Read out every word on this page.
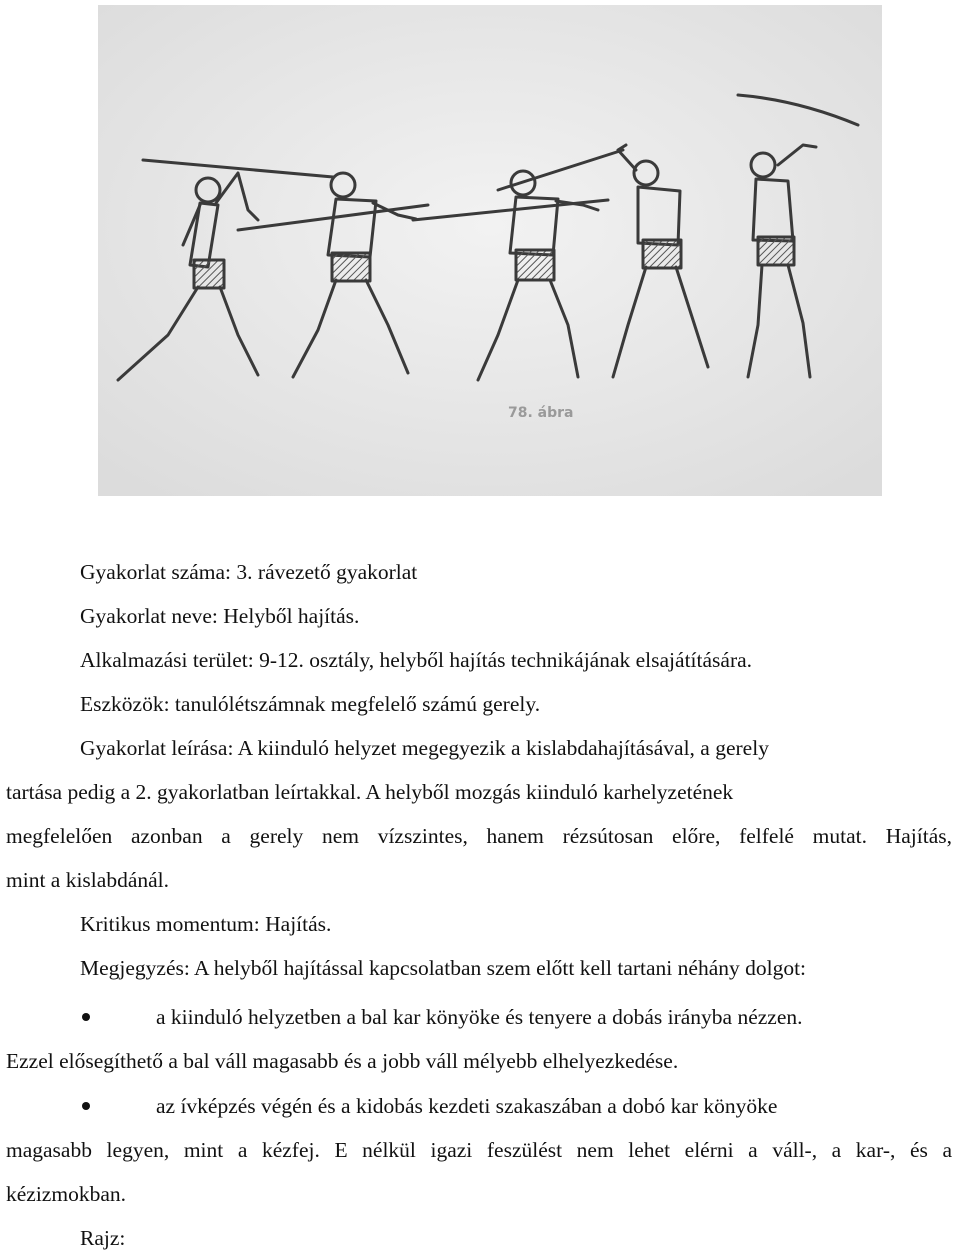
78. ábra

Gyakorlat száma: 3. rávezető gyakorlat

Gyakorlat neve: Helyből hajítás.

Alkalmazási terület: 9-12. osztály, helyből hajítás technikájának elsajátítására.

Eszközök: tanulólétszámnak megfelelő számú gerely.

Gyakorlat leírása: A kiinduló helyzet megegyezik a kislabdahajításával, a gerely

tartása pedig a 2. gyakorlatban leírtakkal. A helyből mozgás kiinduló karhelyzetének

megfelelően azonban a gerely nem vízszintes, hanem rézsútosan előre, felfelé mutat. Hajítás,

mint a kislabdánál.

Kritikus momentum: Hajítás.

Megjegyzés: A helyből hajítással kapcsolatban szem előtt kell tartani néhány dolgot:

a kiinduló helyzetben a bal kar könyöke és tenyere a dobás irányba nézzen.

Ezzel elősegíthető a bal váll magasabb és a jobb váll mélyebb elhelyezkedése.

az ívképzés végén és a kidobás kezdeti szakaszában a dobó kar könyöke

magasabb legyen, mint a kézfej. E nélkül igazi feszülést nem lehet elérni a váll-, a kar-, és a

kézizmokban.

Rajz:
